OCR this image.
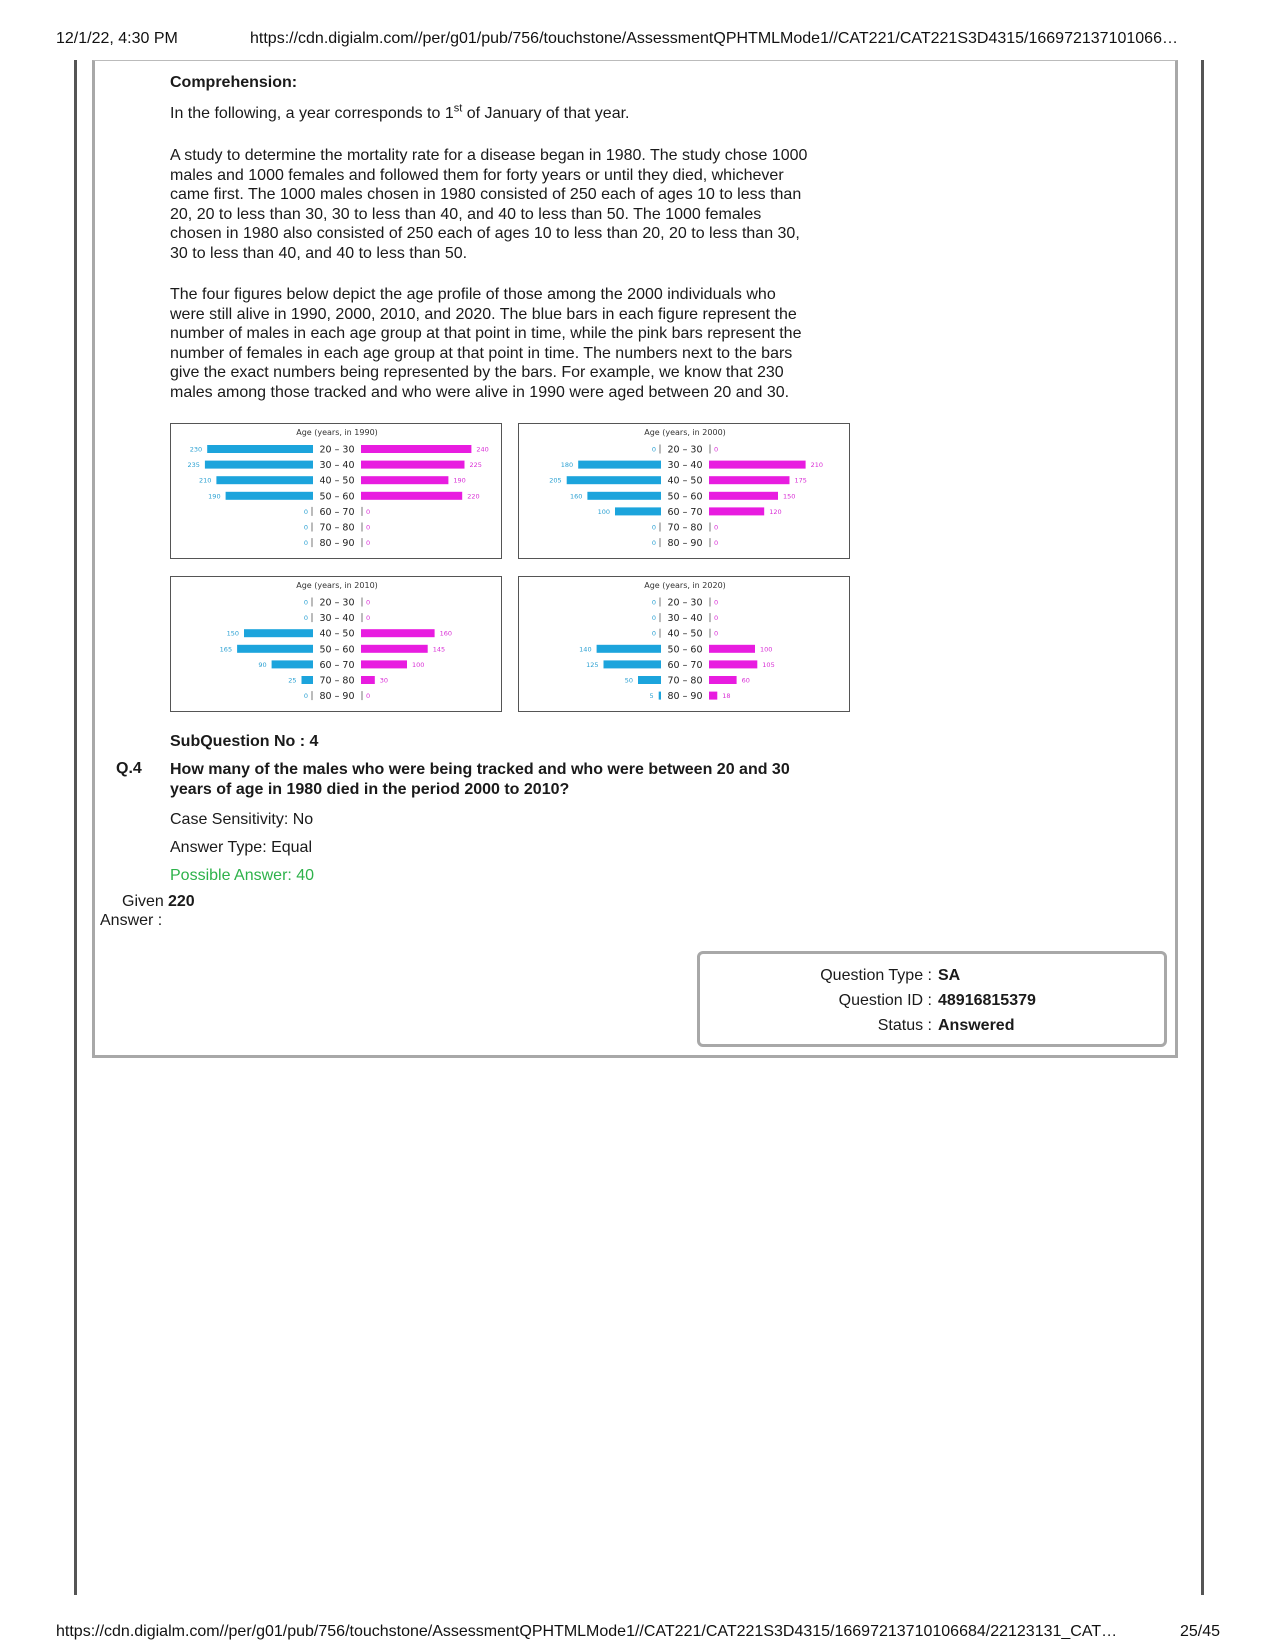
12/1/22, 4:30 PM	https://cdn.digialm.com//per/g01/pub/756/touchstone/AssessmentQPHTMLMode1//CAT221/CAT221S3D4315/166972137101066…
Comprehension:
In the following, a year corresponds to 1st of January of that year.
A study to determine the mortality rate for a disease began in 1980. The study chose 1000
males and 1000 females and followed them for forty years or until they died, whichever
came first. The 1000 males chosen in 1980 consisted of 250 each of ages 10 to less than
20, 20 to less than 30, 30 to less than 40, and 40 to less than 50. The 1000 females
chosen in 1980 also consisted of 250 each of ages 10 to less than 20, 20 to less than 30,
30 to less than 40, and 40 to less than 50.
The four figures below depict the age profile of those among the 2000 individuals who
were still alive in 1990, 2000, 2010, and 2020. The blue bars in each figure represent the
number of males in each age group at that point in time, while the pink bars represent the
number of females in each age group at that point in time. The numbers next to the bars
give the exact numbers being represented by the bars. For example, we know that 230
males among those tracked and who were alive in 1990 were aged between 20 and 30.
Age (years, in 1990)
20 – 30
230	240
30 – 40
235	225
40 – 50
210	190
50 – 60
190	220
60 – 70
0	0
70 – 80
0	0
80 – 90
0	0
Age (years, in 2000)
20 – 30
0	0
30 – 40
180	210
40 – 50
205	175
50 – 60
160	150
60 – 70
100	120
70 – 80
0	0
80 – 90
0	0
Age (years, in 2010)
20 – 30
0	0
30 – 40
0	0
40 – 50
150	160
50 – 60
165	145
60 – 70
90	100
70 – 80
25	30
80 – 90
0	0
Age (years, in 2020)
20 – 30
0	0
30 – 40
0	0
40 – 50
0	0
50 – 60
140	100
60 – 70
125	105
70 – 80
50	60
80 – 90
5	18
SubQuestion No : 4
Q.4 How many of the males who were being tracked and who were between 20 and 30
years of age in 1980 died in the period 2000 to 2010?
Case Sensitivity: No
Answer Type: Equal
Possible Answer: 40
Given
Answer :
220
Question Type : SA
Question ID : 48916815379
Status : Answered
https://cdn.digialm.com//per/g01/pub/756/touchstone/AssessmentQPHTMLMode1//CAT221/CAT221S3D4315/16697213710106684/22123131_CAT…	25/45
